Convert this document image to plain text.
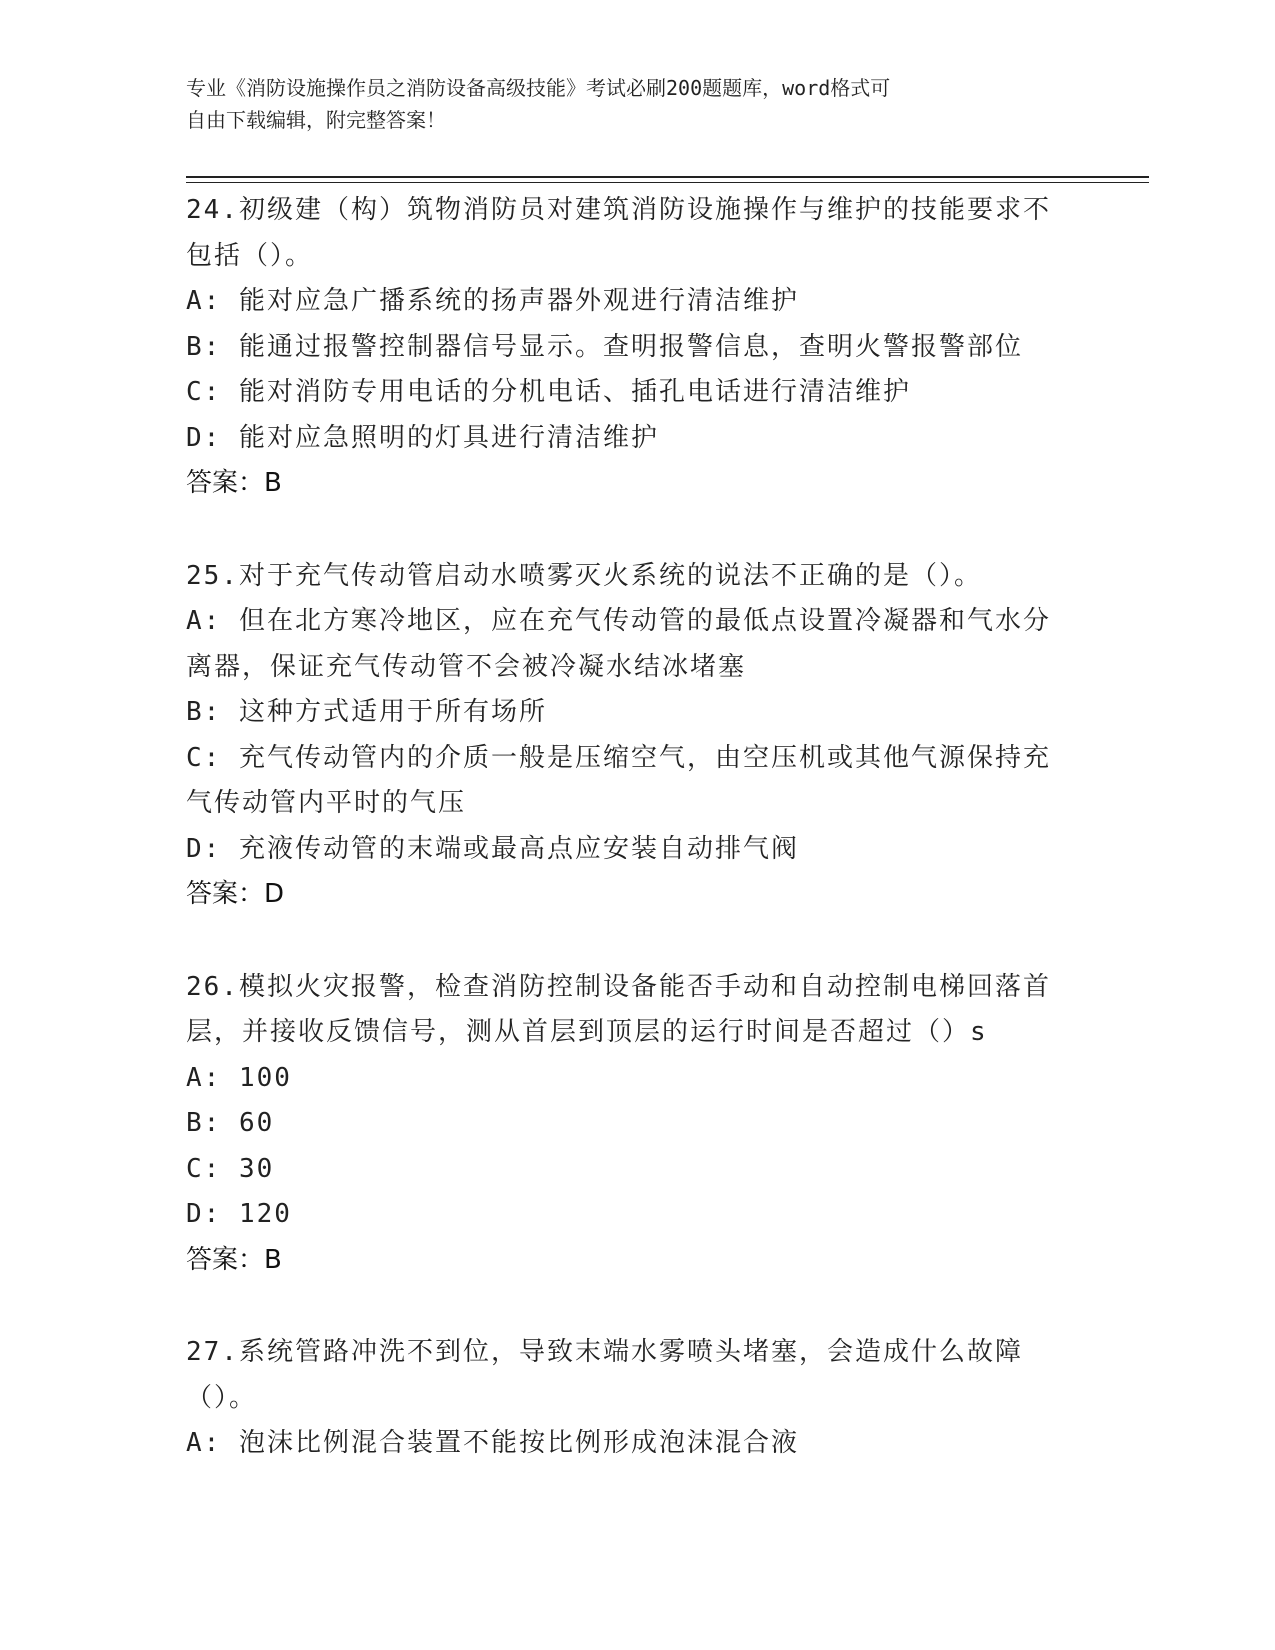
专业《消防设施操作员之消防设备高级技能》考试必刷200题题库，word格式可
自由下载编辑，附完整答案！
24.初级建（构）筑物消防员对建筑消防设施操作与维护的技能要求不包括（）。
A: 能对应急广播系统的扬声器外观进行清洁维护
B: 能通过报警控制器信号显示。查明报警信息，查明火警报警部位
C: 能对消防专用电话的分机电话、插孔电话进行清洁维护
D: 能对应急照明的灯具进行清洁维护
答案：B
25.对于充气传动管启动水喷雾灭火系统的说法不正确的是（）。
A: 但在北方寒冷地区，应在充气传动管的最低点设置冷凝器和气水分离器，保证充气传动管不会被冷凝水结冰堵塞
B: 这种方式适用于所有场所
C: 充气传动管内的介质一般是压缩空气，由空压机或其他气源保持充气传动管内平时的气压
D: 充液传动管的末端或最高点应安装自动排气阀
答案：D
26.模拟火灾报警，检查消防控制设备能否手动和自动控制电梯回落首层，并接收反馈信号，测从首层到顶层的运行时间是否超过（）s
A: 100
B: 60
C: 30
D: 120
答案：B
27.系统管路冲洗不到位，导致末端水雾喷头堵塞，会造成什么故障（）。
A: 泡沫比例混合装置不能按比例形成泡沫混合液
